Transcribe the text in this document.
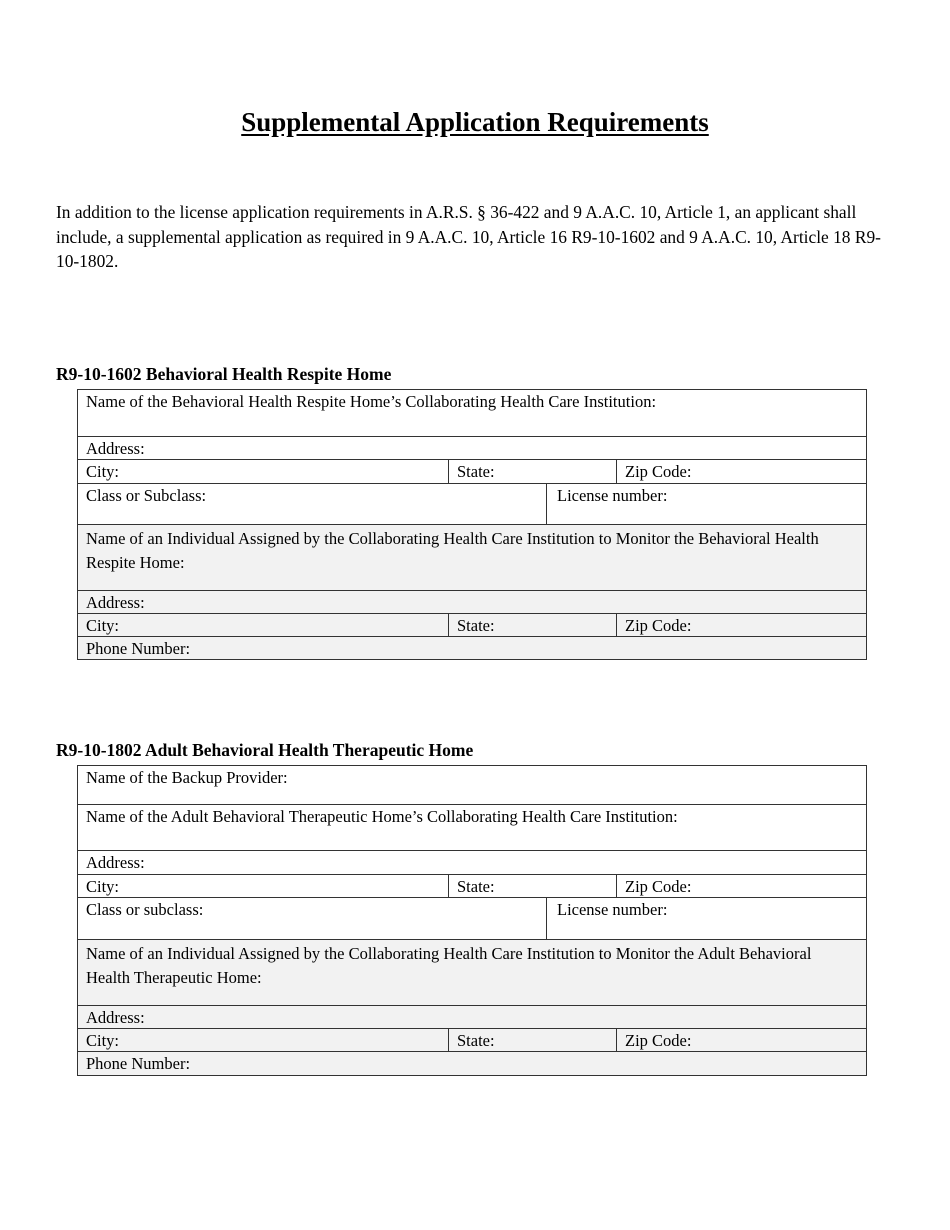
Supplemental Application Requirements
In addition to the license application requirements in A.R.S. § 36-422 and 9 A.A.C. 10, Article 1, an applicant shall include, a supplemental application as required in 9 A.A.C. 10, Article 16 R9-10-1602 and 9 A.A.C. 10, Article 18 R9-10-1802.
R9-10-1602 Behavioral Health Respite Home
Name of the Behavioral Health Respite Home’s Collaborating Health Care Institution:
Address:
City:	State:	Zip Code:
Class or Subclass:	License number:
Name of an Individual Assigned by the Collaborating Health Care Institution to Monitor the Behavioral Health Respite Home:
Address:
City:	State:	Zip Code:
Phone Number:
R9-10-1802 Adult Behavioral Health Therapeutic Home
Name of the Backup Provider:
Name of the Adult Behavioral Therapeutic Home’s Collaborating Health Care Institution:
Address:
City:	State:	Zip Code:
Class or subclass:	License number:
Name of an Individual Assigned by the Collaborating Health Care Institution to Monitor the Adult Behavioral Health Therapeutic Home:
Address:
City:	State:	Zip Code:
Phone Number:
